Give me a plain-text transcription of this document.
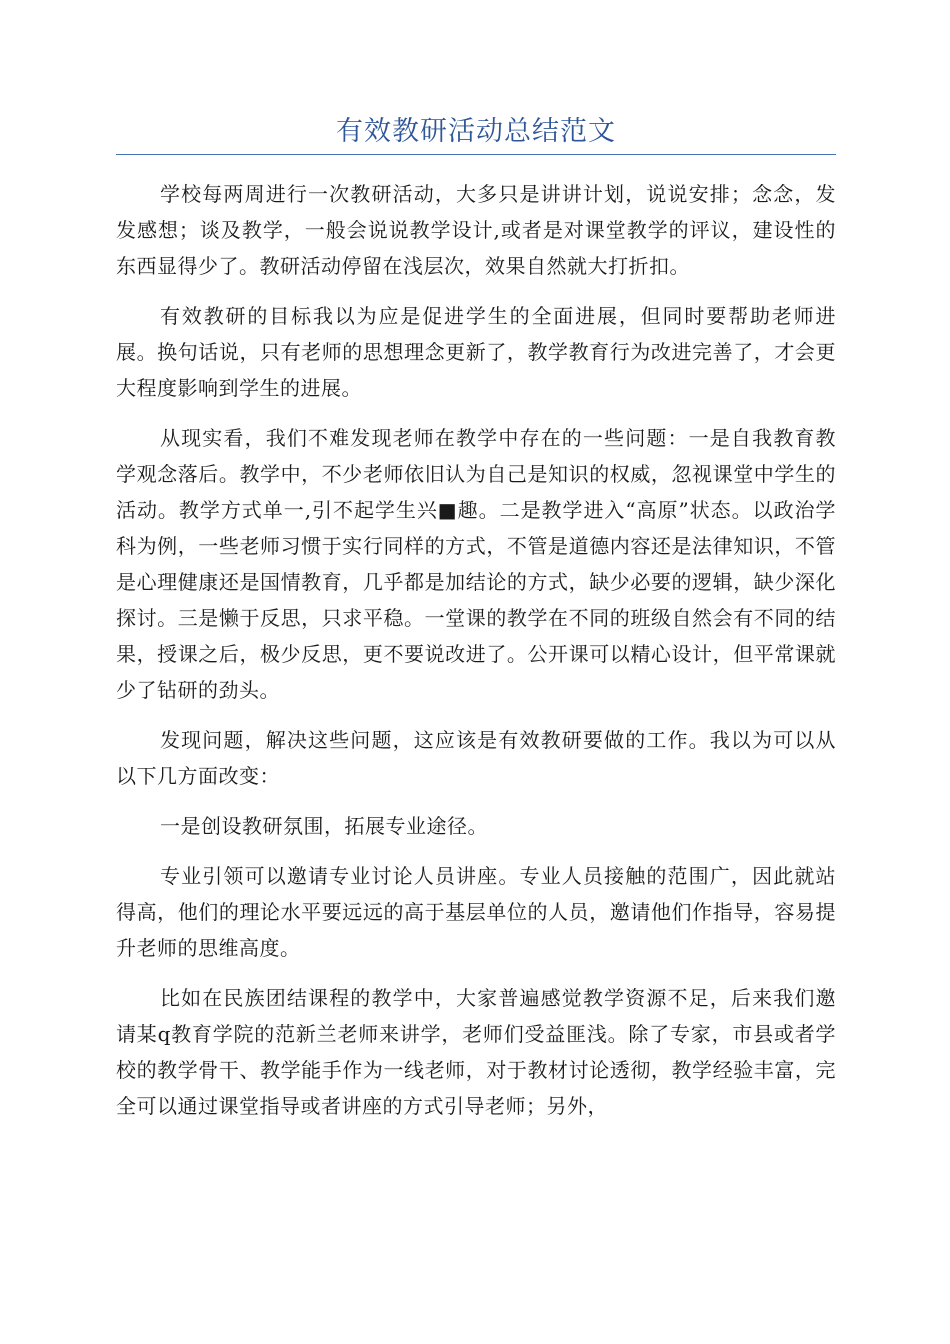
有效教研活动总结范文

学校每两周进行一次教研活动，大多只是讲讲计划，说说安排；念念，发发感想；谈及教学，一般会说说教学设计,或者是对课堂教学的评议，建设性的东西显得少了。教研活动停留在浅层次，效果自然就大打折扣。

有效教研的目标我以为应是促进学生的全面进展，但同时要帮助老师进展。换句话说，只有老师的思想理念更新了，教学教育行为改进完善了，才会更大程度影响到学生的进展。

从现实看，我们不难发现老师在教学中存在的一些问题：一是自我教育教学观念落后。教学中，不少老师依旧认为自己是知识的权威，忽视课堂中学生的活动。教学方式单一,引不起学生兴■趣。二是教学进入“高原”状态。以政治学科为例，一些老师习惯于实行同样的方式，不管是道德内容还是法律知识，不管是心理健康还是国情教育，几乎都是加结论的方式，缺少必要的逻辑，缺少深化探讨。三是懒于反思，只求平稳。一堂课的教学在不同的班级自然会有不同的结果，授课之后，极少反思，更不要说改进了。公开课可以精心设计，但平常课就少了钻研的劲头。

发现问题，解决这些问题，这应该是有效教研要做的工作。我以为可以从以下几方面改变：

一是创设教研氛围，拓展专业途径。

专业引领可以邀请专业讨论人员讲座。专业人员接触的范围广，因此就站得高，他们的理论水平要远远的高于基层单位的人员，邀请他们作指导，容易提升老师的思维高度。

比如在民族团结课程的教学中，大家普遍感觉教学资源不足，后来我们邀请某q教育学院的范新兰老师来讲学，老师们受益匪浅。除了专家，市县或者学校的教学骨干、教学能手作为一线老师，对于教材讨论透彻，教学经验丰富，完全可以通过课堂指导或者讲座的方式引导老师；另外，
